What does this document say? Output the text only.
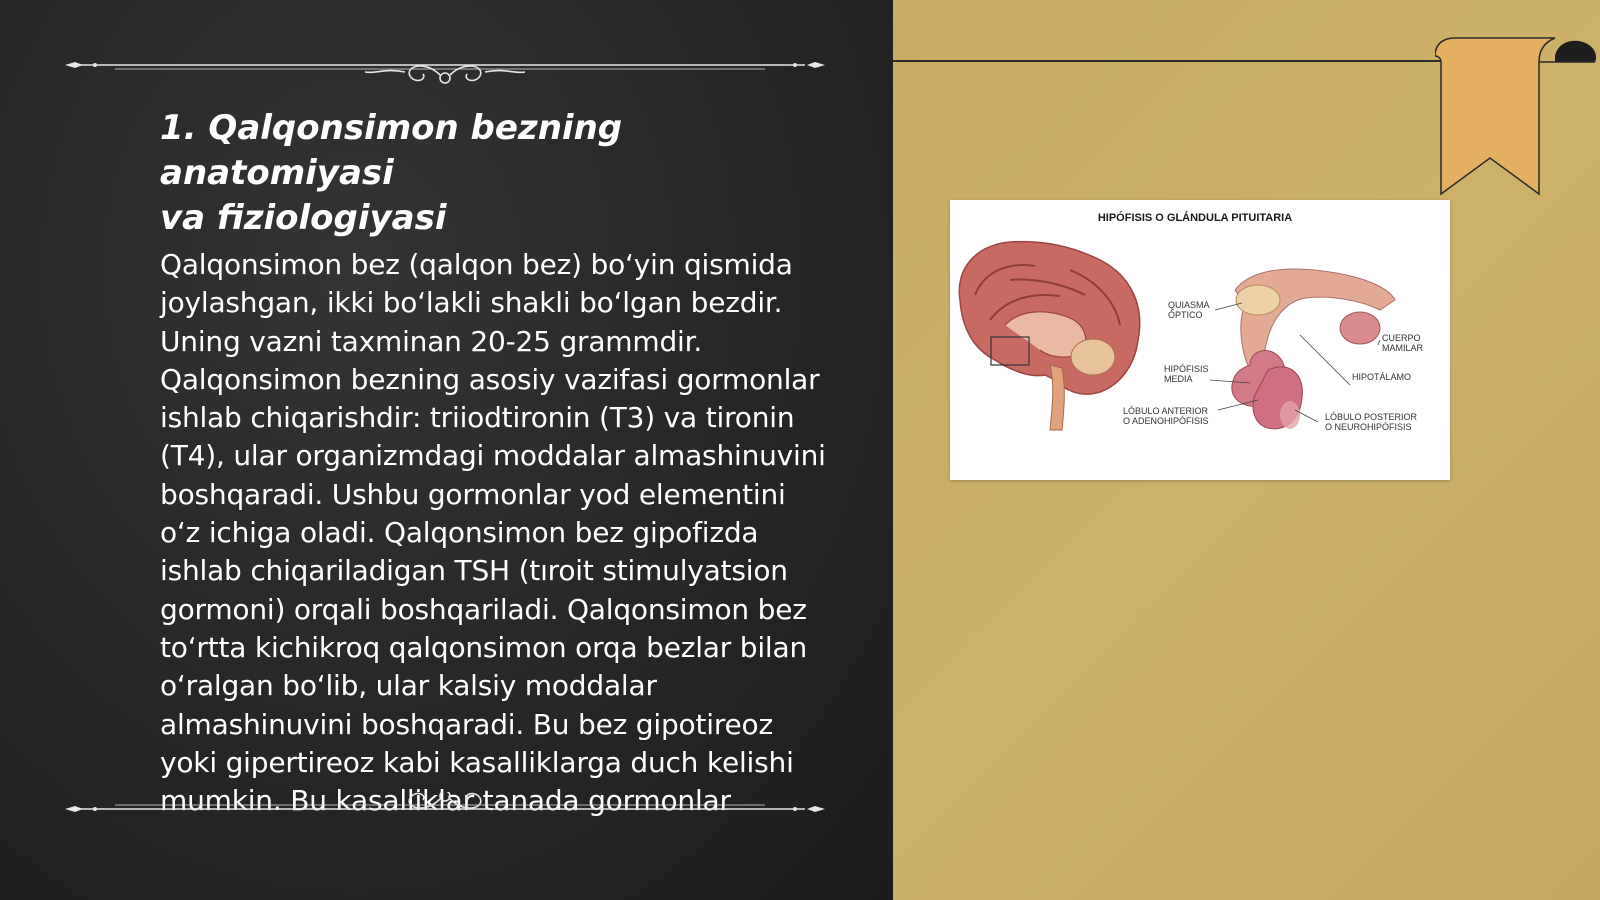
1. Qalqonsimon bezning anatomiyasi
va fiziologiyasi

Qalqonsimon bez (qalqon bez) bo‘yin qismida joylashgan, ikki bo‘lakli shakli bo‘lgan bezdir. Uning vazni taxminan 20-25 grammdir. Qalqonsimon bezning asosiy vazifasi gormonlar ishlab chiqarishdir: triiodtironin (T3) va tironin (T4), ular organizmdagi moddalar almashinuvini boshqaradi. Ushbu gormonlar yod elementini o‘z ichiga oladi. Qalqonsimon bez gipofizda ishlab chiqariladigan TSH (tıroit stimulyatsion gormoni) orqali boshqariladi. Qalqonsimon bez to‘rtta kichikroq qalqonsimon orqa bezlar bilan o‘ralgan bo‘lib, ular kalsiy moddalar almashinuvini boshqaradi. Bu bez gipotireoz yoki gipertireoz kabi kasalliklarga duch kelishi mumkin. Bu kasalliklar tanada gormonlar

HIPÓFISIS O GLÁNDULA PITUITARIA
QUIASMA
ÓPTICO
CUERPO
MAMILAR
HIPÓFISIS
MEDIA	HIPOTÁLAMO
LÓBULO ANTERIOR
O ADENOHIPÓFISIS	LÓBULO POSTERIOR
O NEUROHIPÓFISIS
